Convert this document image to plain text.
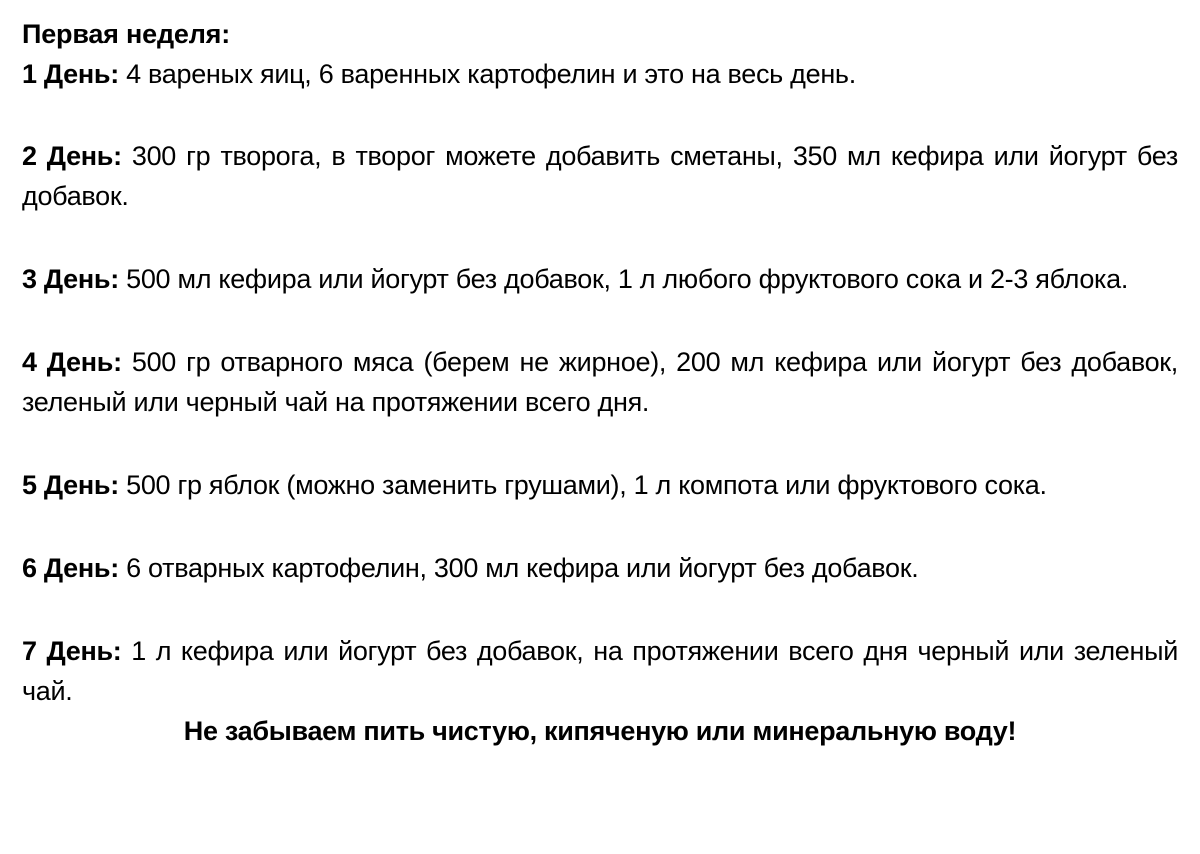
Первая неделя:

1 День: 4 вареных яиц, 6 варенных картофелин и это на весь день.

2 День: 300 гр творога, в творог можете добавить сметаны, 350 мл кефира или йогурт без добавок.

3 День: 500 мл кефира или йогурт без добавок, 1 л любого фруктового сока и 2-3 яблока.

4 День: 500 гр отварного мяса (берем не жирное), 200 мл кефира или йогурт без добавок, зеленый или черный чай на протяжении всего дня.

5 День: 500 гр яблок (можно заменить грушами), 1 л компота или фруктового сока.

6 День: 6 отварных картофелин, 300 мл кефира или йогурт без добавок.

7 День: 1 л кефира или йогурт без добавок, на протяжении всего дня черный или зеленый чай.

Не забываем пить чистую, кипяченую или минеральную воду!
